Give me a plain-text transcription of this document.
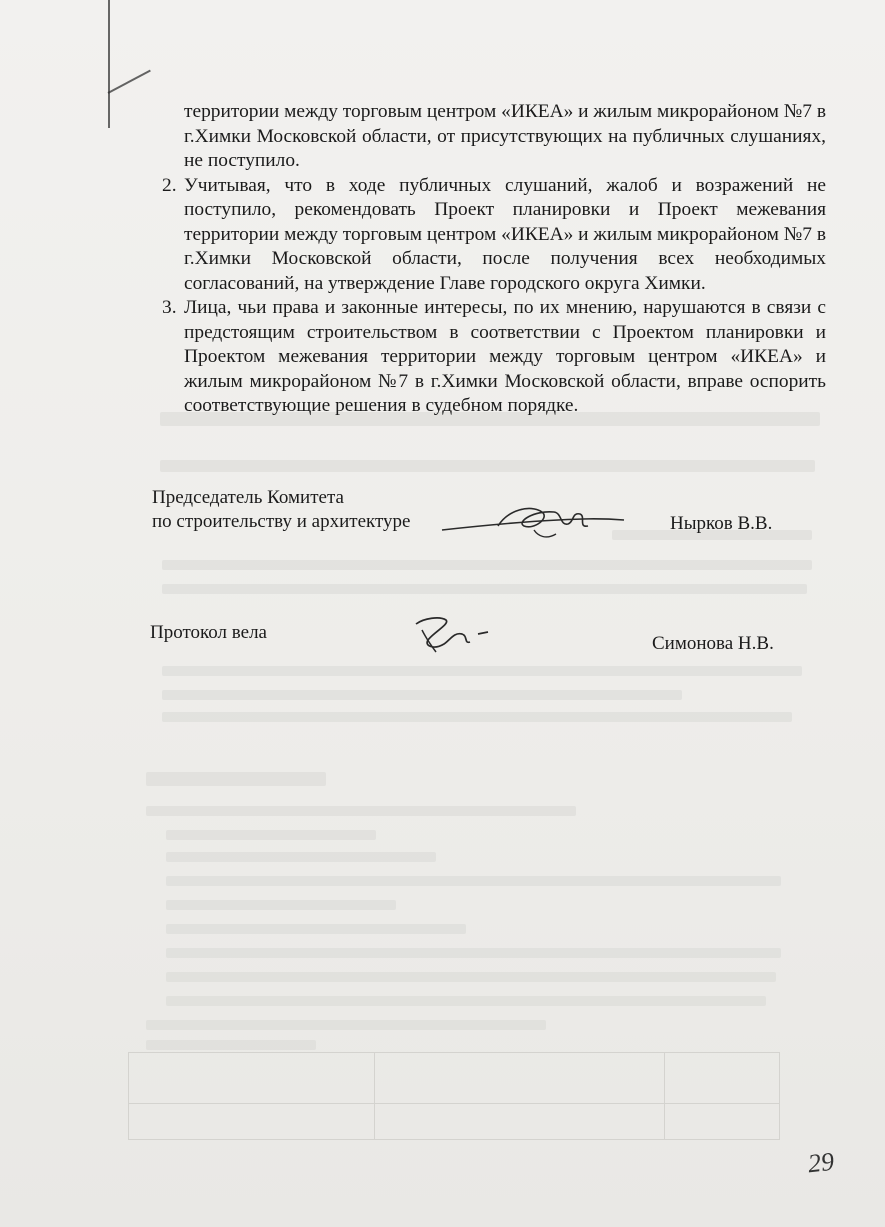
территории между торговым центром «ИКЕА» и жилым микрорайоном №7 в г.Химки Московской области, от присутствующих на публичных слушаниях, не поступило.

2. Учитывая, что в ходе публичных слушаний, жалоб и возражений не поступило, рекомендовать Проект планировки и Проект межевания территории между торговым центром «ИКЕА» и жилым микрорайоном №7 в г.Химки Московской области, после получения всех необходимых согласований, на утверждение Главе городского округа Химки.
3. Лица, чьи права и законные интересы, по их мнению, нарушаются в связи с предстоящим строительством в соответствии с Проектом планировки и Проектом межевания территории между торговым центром «ИКЕА» и жилым микрорайоном №7 в г.Химки Московской области, вправе оспорить соответствующие решения в судебном порядке.
Председатель Комитета
по строительству и архитектуре	Нырков В.В.
Протокол вела
Симонова Н.В.
29
